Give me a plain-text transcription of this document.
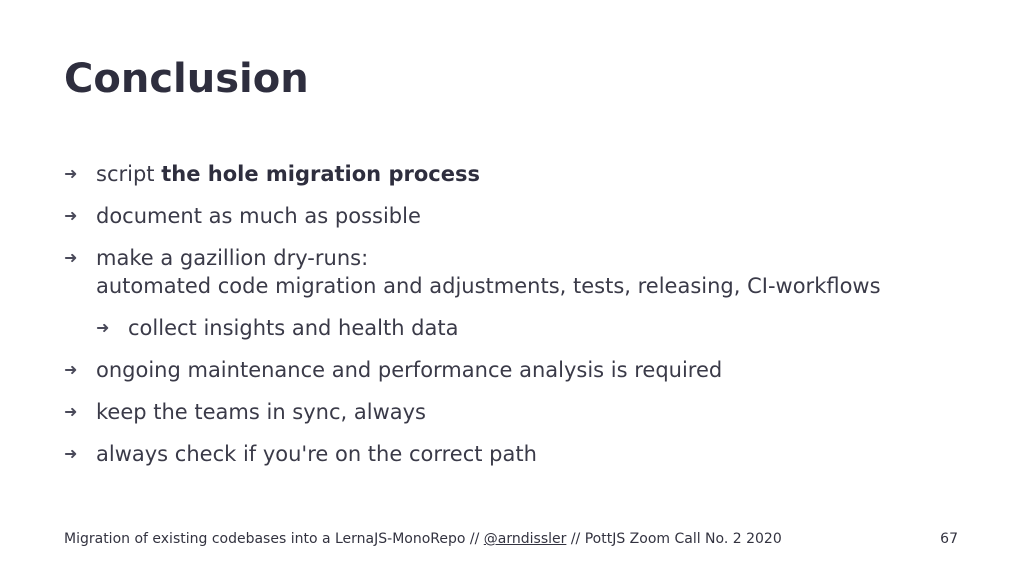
Conclusion
➜ script the hole migration process
➜ document as much as possible
➜ make a gazillion dry-runs:
automated code migration and adjustments, tests, releasing, CI-workflows
➜ collect insights and health data
➜ ongoing maintenance and performance analysis is required
➜ keep the teams in sync, always
➜ always check if you're on the correct path
Migration of existing codebases into a LernaJS-MonoRepo // @arndissler // PottJS Zoom Call No. 2 2020	67
